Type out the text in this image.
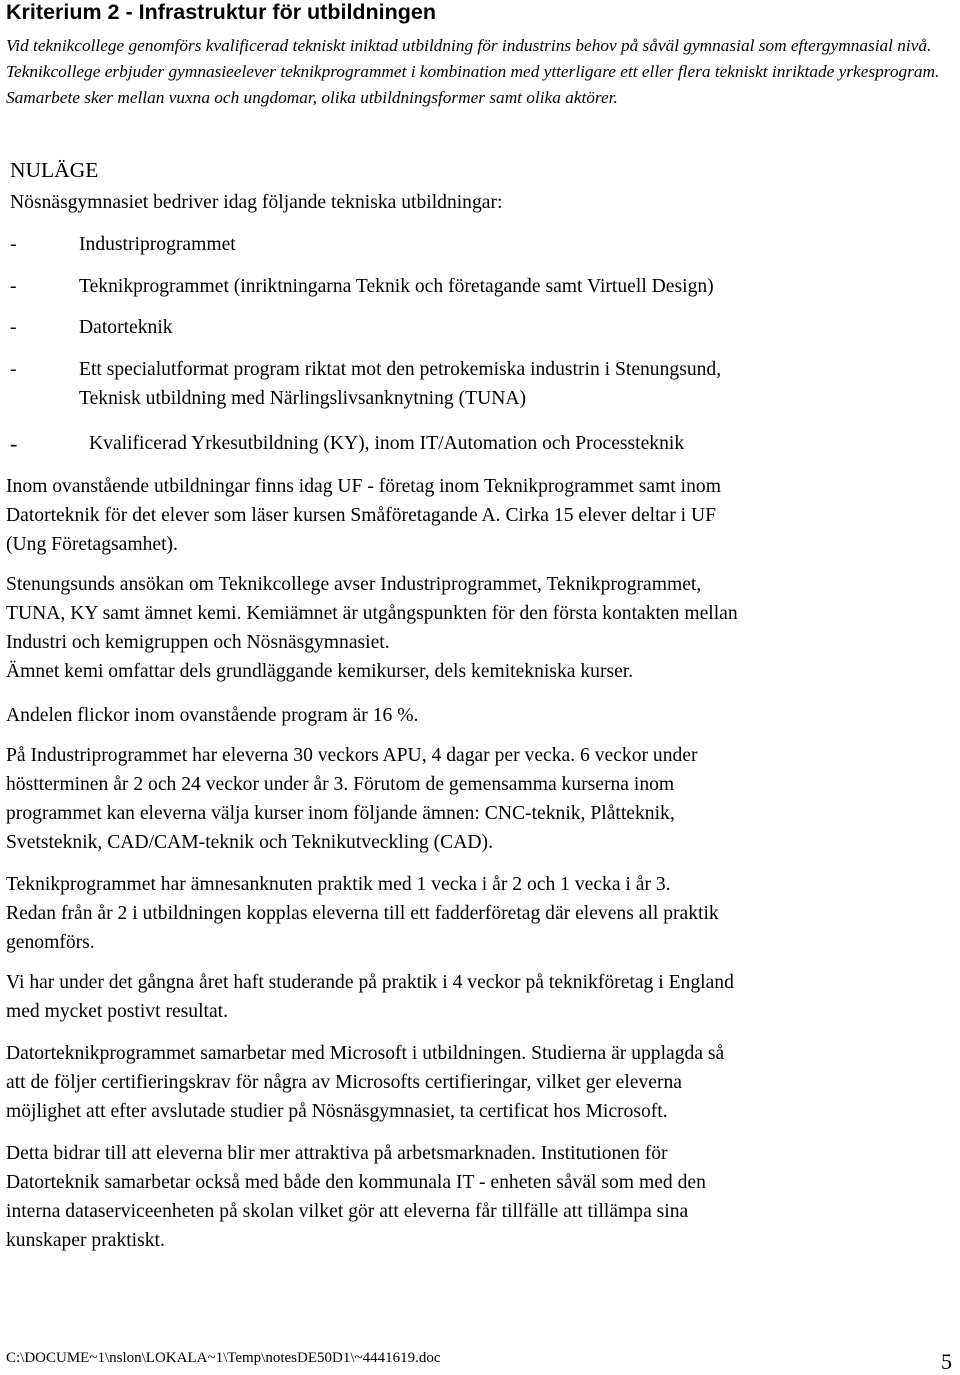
Kriterium 2 - Infrastruktur för utbildningen
Vid teknikcollege genomförs kvalificerad tekniskt iniktad utbildning för industrins behov på såväl gymnasial som eftergymnasial nivå. Teknikcollege erbjuder gymnasieelever teknikprogrammet i kombination med ytterligare ett eller flera tekniskt inriktade yrkesprogram. Samarbete sker mellan vuxna och ungdomar, olika utbildningsformer samt olika aktörer.
NULÄGE
Nösnäsgymnasiet bedriver idag följande tekniska utbildningar:
-	Industriprogrammet
-	Teknikprogrammet (inriktningarna Teknik och företagande samt Virtuell Design)
-	Datorteknik
-	Ett specialutformat program riktat mot den petrokemiska industrin i Stenungsund,
Teknisk utbildning med Närlingslivsanknytning (TUNA)
-	Kvalificerad Yrkesutbildning (KY), inom IT/Automation och Processteknik
Inom ovanstående utbildningar finns idag UF - företag inom Teknikprogrammet samt inom
Datorteknik för det elever som läser kursen Småföretagande A. Cirka 15 elever deltar i UF
(Ung Företagsamhet).
Stenungsunds ansökan om Teknikcollege avser Industriprogrammet, Teknikprogrammet,
TUNA, KY samt ämnet kemi. Kemiämnet är utgångspunkten för den första kontakten mellan
Industri och kemigruppen och Nösnäsgymnasiet.
Ämnet kemi omfattar dels grundläggande kemikurser, dels kemitekniska kurser.
Andelen flickor inom ovanstående program är 16 %.
På Industriprogrammet har eleverna 30 veckors APU, 4 dagar per vecka. 6 veckor under
höstterminen år 2 och 24 veckor under år 3. Förutom de gemensamma kurserna inom
programmet kan eleverna välja kurser inom följande ämnen: CNC-teknik, Plåtteknik,
Svetsteknik, CAD/CAM-teknik och Teknikutveckling (CAD).
Teknikprogrammet har ämnesanknuten praktik med 1 vecka i år 2 och 1 vecka i år 3.
Redan från år 2 i utbildningen kopplas eleverna till ett fadderföretag där elevens all praktik
genomförs.
Vi har under det gångna året haft studerande på praktik i 4 veckor på teknikföretag i England
med mycket postivt resultat.
Datorteknikprogrammet samarbetar med Microsoft i utbildningen. Studierna är upplagda så
att de följer certifieringskrav för några av Microsofts certifieringar, vilket ger eleverna
möjlighet att efter avslutade studier på Nösnäsgymnasiet, ta certificat hos Microsoft.
Detta bidrar till att eleverna blir mer attraktiva på arbetsmarknaden. Institutionen för
Datorteknik samarbetar också med både den kommunala IT - enheten såväl som med den
interna dataserviceenheten på skolan vilket gör att eleverna får tillfälle att tillämpa sina
kunskaper praktiskt.
C:\DOCUME~1\nslon\LOKALA~1\Temp\notesDE50D1\~4441619.doc	5
